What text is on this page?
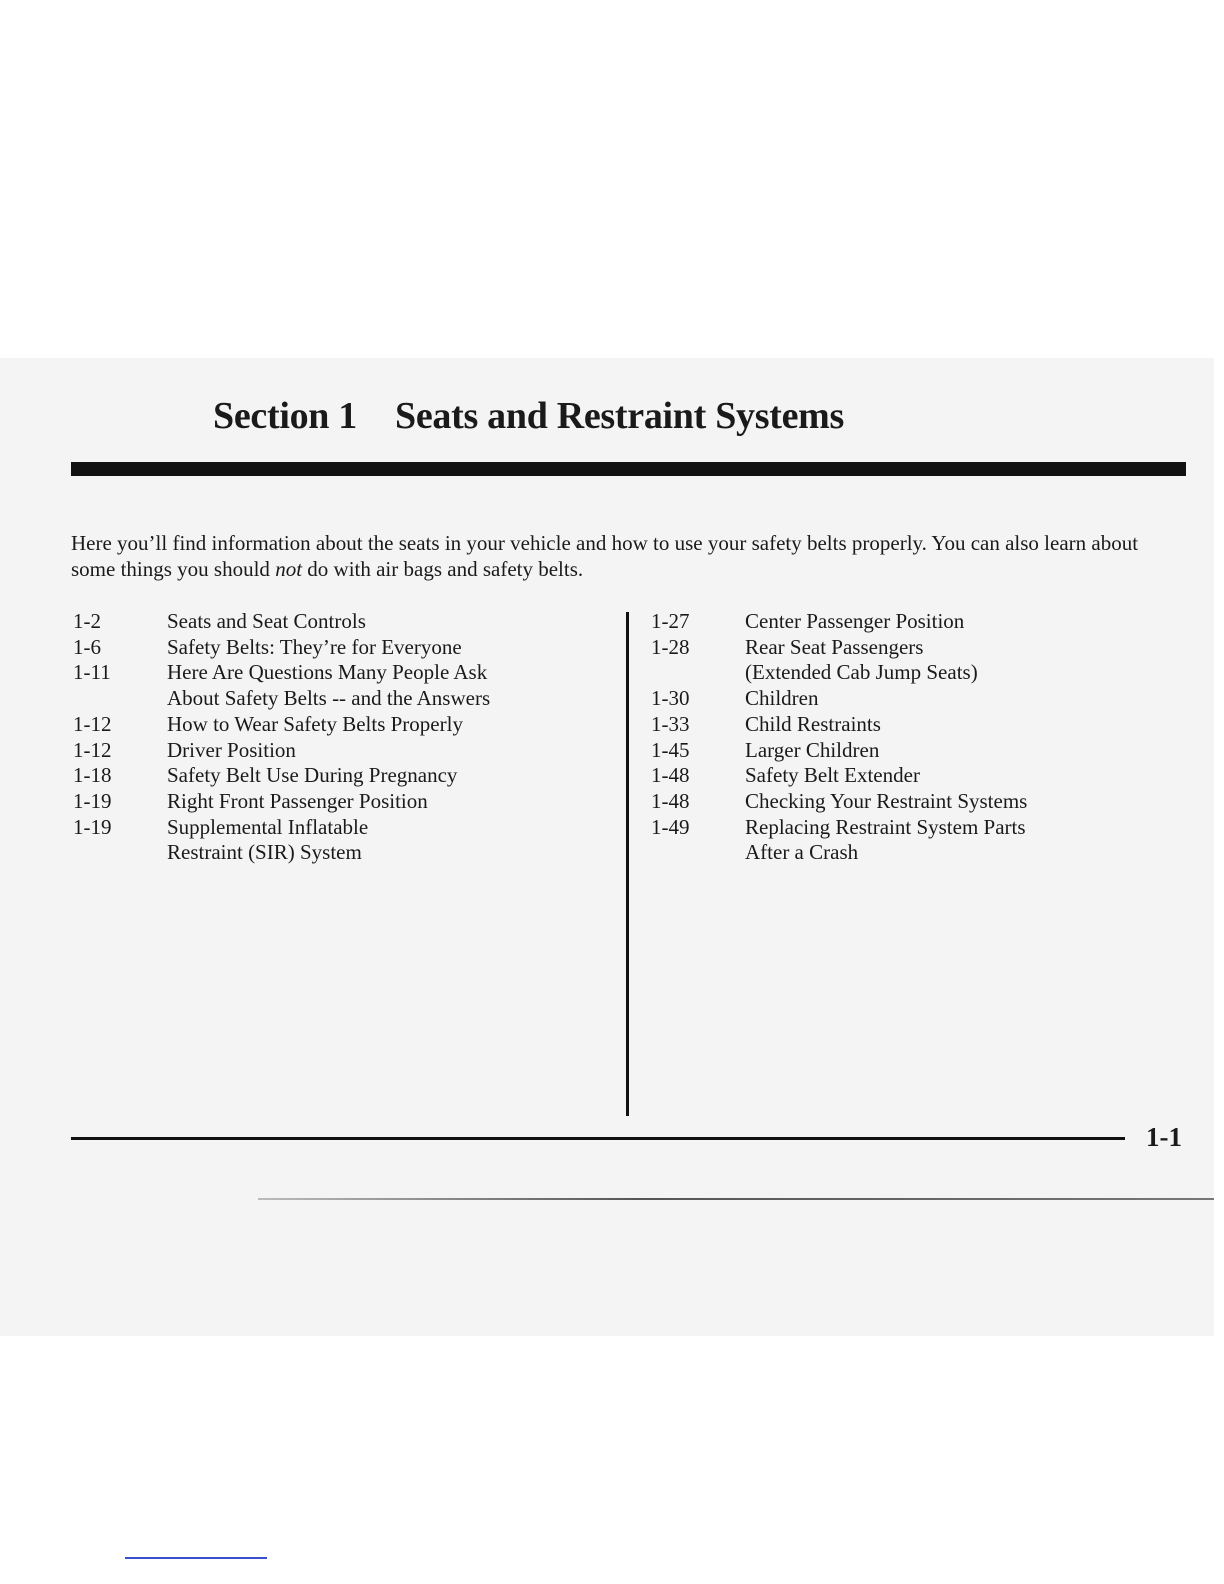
Section 1 Seats and Restraint Systems

Here you’ll find information about the seats in your vehicle and how to use your safety belts properly. You can also learn about some things you should not do with air bags and safety belts.

1-2	Seats and Seat Controls
1-6	Safety Belts: They’re for Everyone
1-11	Here Are Questions Many People Ask
About Safety Belts -- and the Answers
1-12	How to Wear Safety Belts Properly
1-12	Driver Position
1-18	Safety Belt Use During Pregnancy
1-19	Right Front Passenger Position
1-19	Supplemental Inflatable
Restraint (SIR) System
1-27	Center Passenger Position
1-28	Rear Seat Passengers
(Extended Cab Jump Seats)
1-30	Children
1-33	Child Restraints
1-45	Larger Children
1-48	Safety Belt Extender
1-48	Checking Your Restraint Systems
1-49	Replacing Restraint System Parts
After a Crash

1-1
